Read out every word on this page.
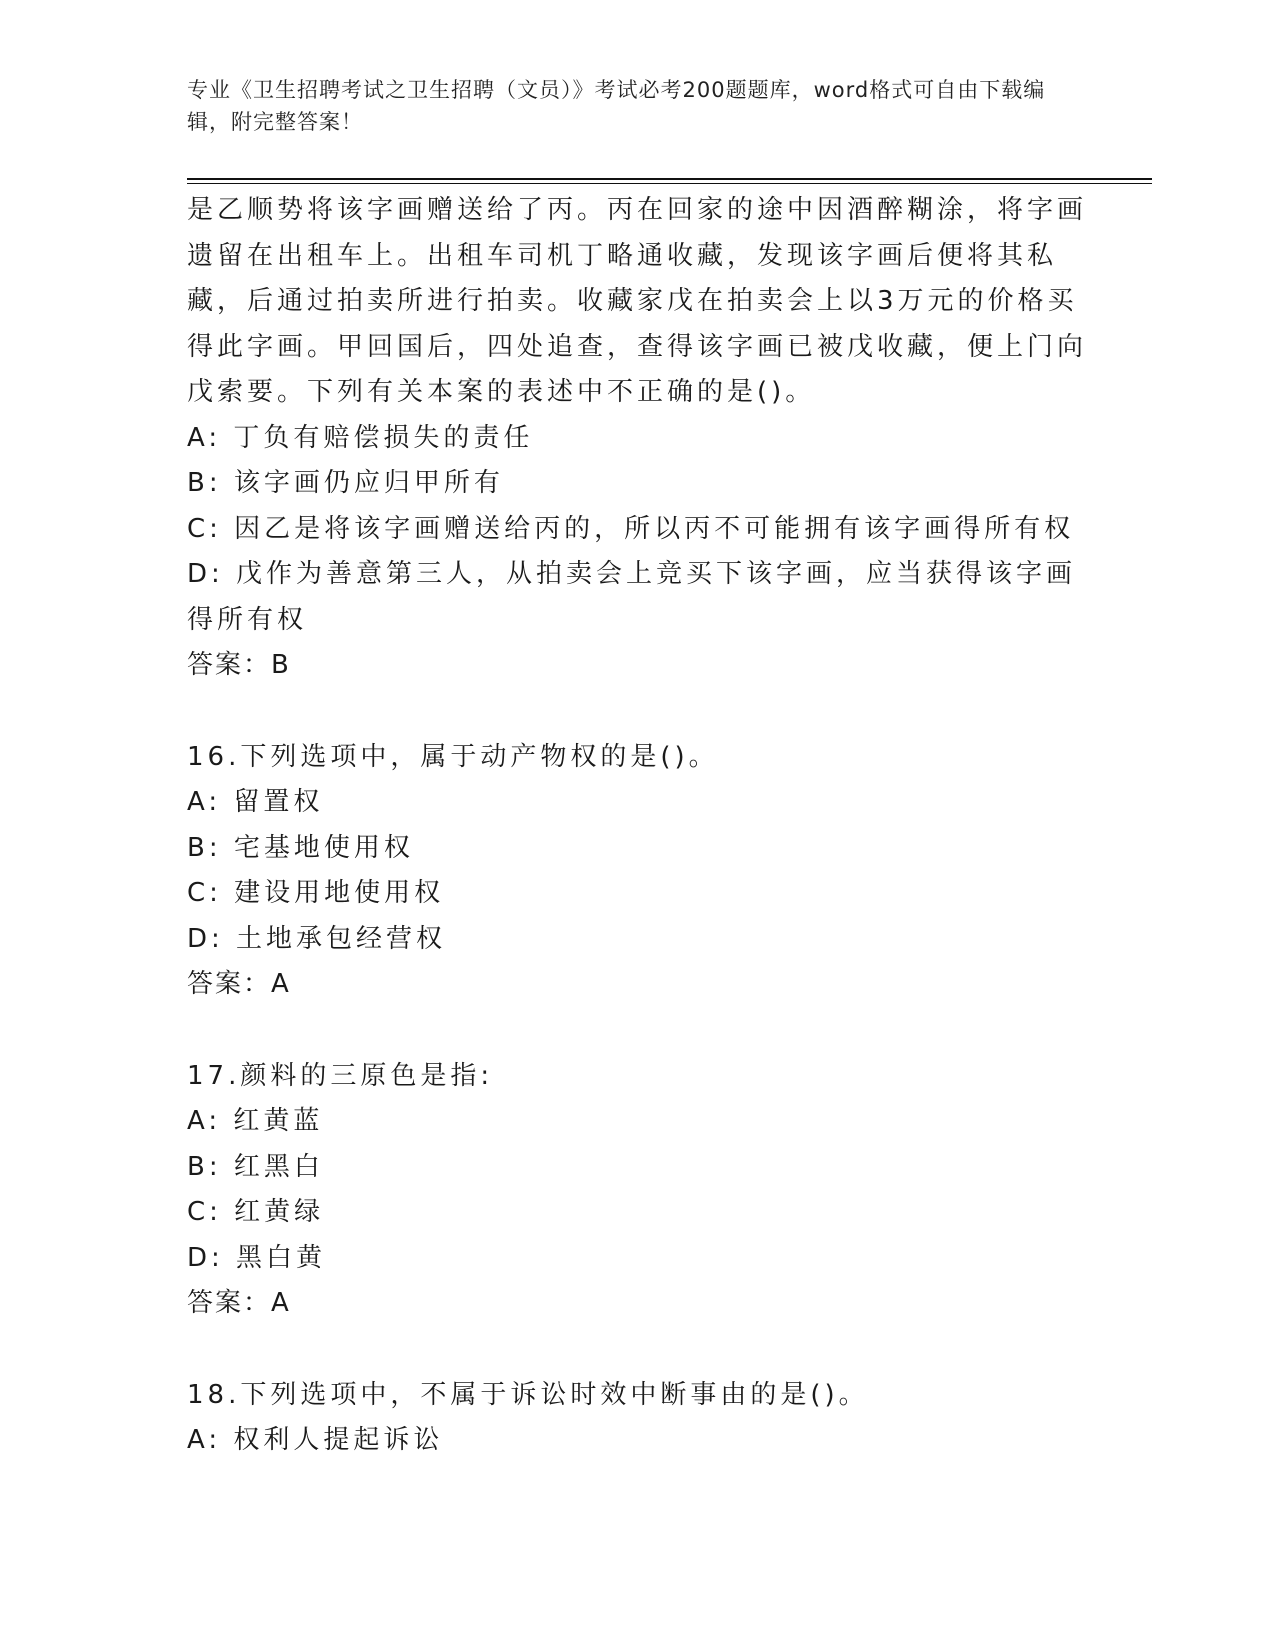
专业《卫生招聘考试之卫生招聘（文员）》考试必考200题题库，word格式可自由下载编辑，附完整答案！

是乙顺势将该字画赠送给了丙。丙在回家的途中因酒醉糊涂，将字画遗留在出租车上。出租车司机丁略通收藏，发现该字画后便将其私藏，后通过拍卖所进行拍卖。收藏家戊在拍卖会上以3万元的价格买得此字画。甲回国后，四处追查，查得该字画已被戊收藏，便上门向戊索要。下列有关本案的表述中不正确的是()。

A: 丁负有赔偿损失的责任

B: 该字画仍应归甲所有

C: 因乙是将该字画赠送给丙的，所以丙不可能拥有该字画得所有权

D: 戊作为善意第三人，从拍卖会上竞买下该字画，应当获得该字画得所有权

答案：B

16.下列选项中，属于动产物权的是()。

A: 留置权

B: 宅基地使用权

C: 建设用地使用权

D: 土地承包经营权

答案：A

17.颜料的三原色是指:

A: 红黄蓝

B: 红黑白

C: 红黄绿

D: 黑白黄

答案：A

18.下列选项中，不属于诉讼时效中断事由的是()。

A: 权利人提起诉讼
